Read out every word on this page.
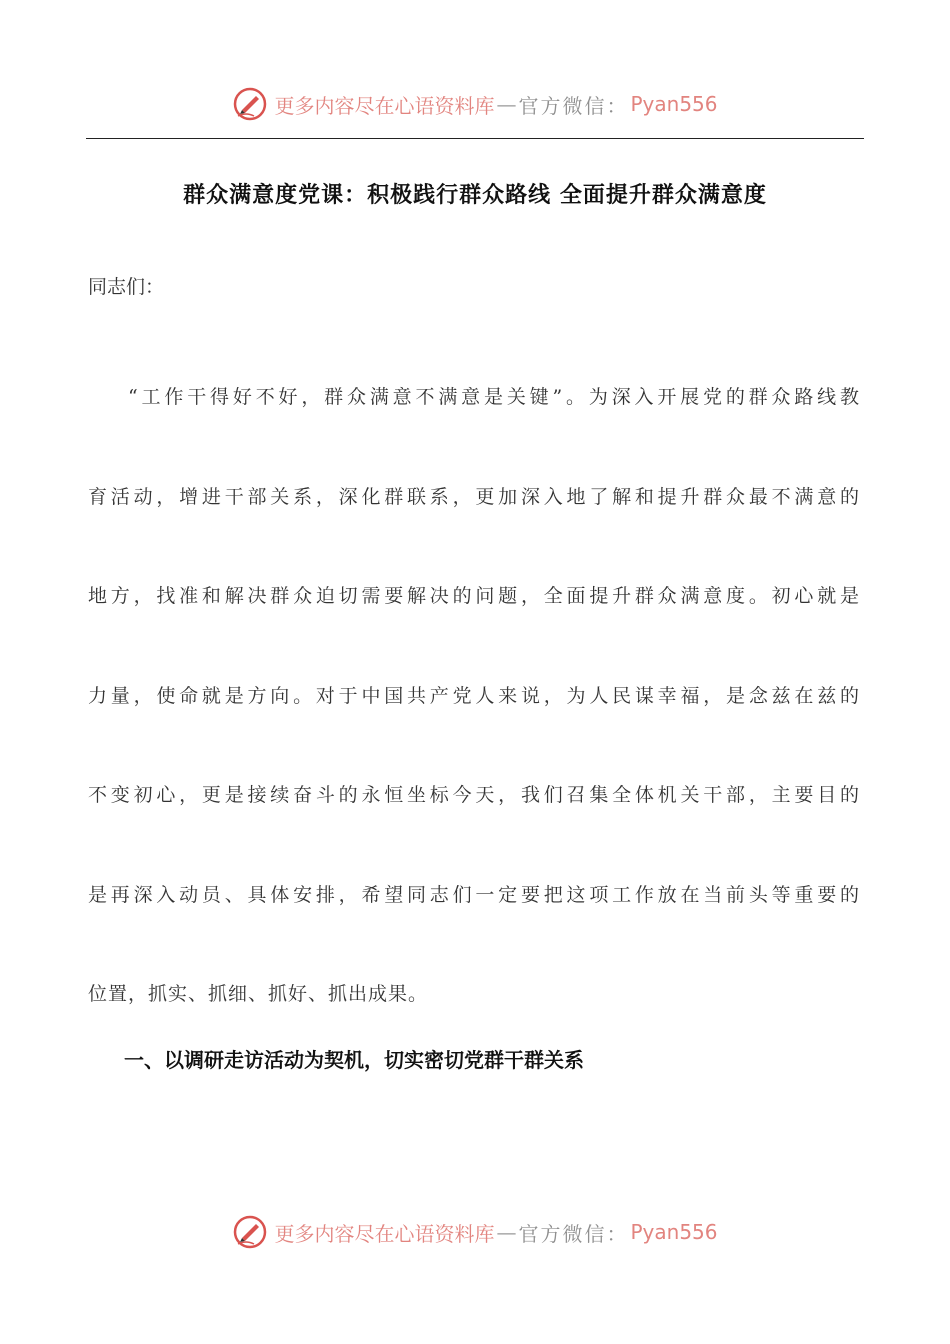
更多内容尽在心语资料库 — 官方微信： Pyan556
群众满意度党课：积极践行群众路线 全面提升群众满意度

同志们：

“工作干得好不好，群众满意不满意是关键”。为深入开展党的群众路线教
育活动，增进干部关系，深化群联系，更加深入地了解和提升群众最不满意的
地方，找准和解决群众迫切需要解决的问题，全面提升群众满意度。初心就是
力量，使命就是方向。对于中国共产党人来说，为人民谋幸福，是念兹在兹的
不变初心，更是接续奋斗的永恒坐标今天，我们召集全体机关干部，主要目的
是再深入动员、具体安排，希望同志们一定要把这项工作放在当前头等重要的
位置，抓实、抓细、抓好、抓出成果。
一、以调研走访活动为契机，切实密切党群干群关系
更多内容尽在心语资料库 — 官方微信： Pyan556
